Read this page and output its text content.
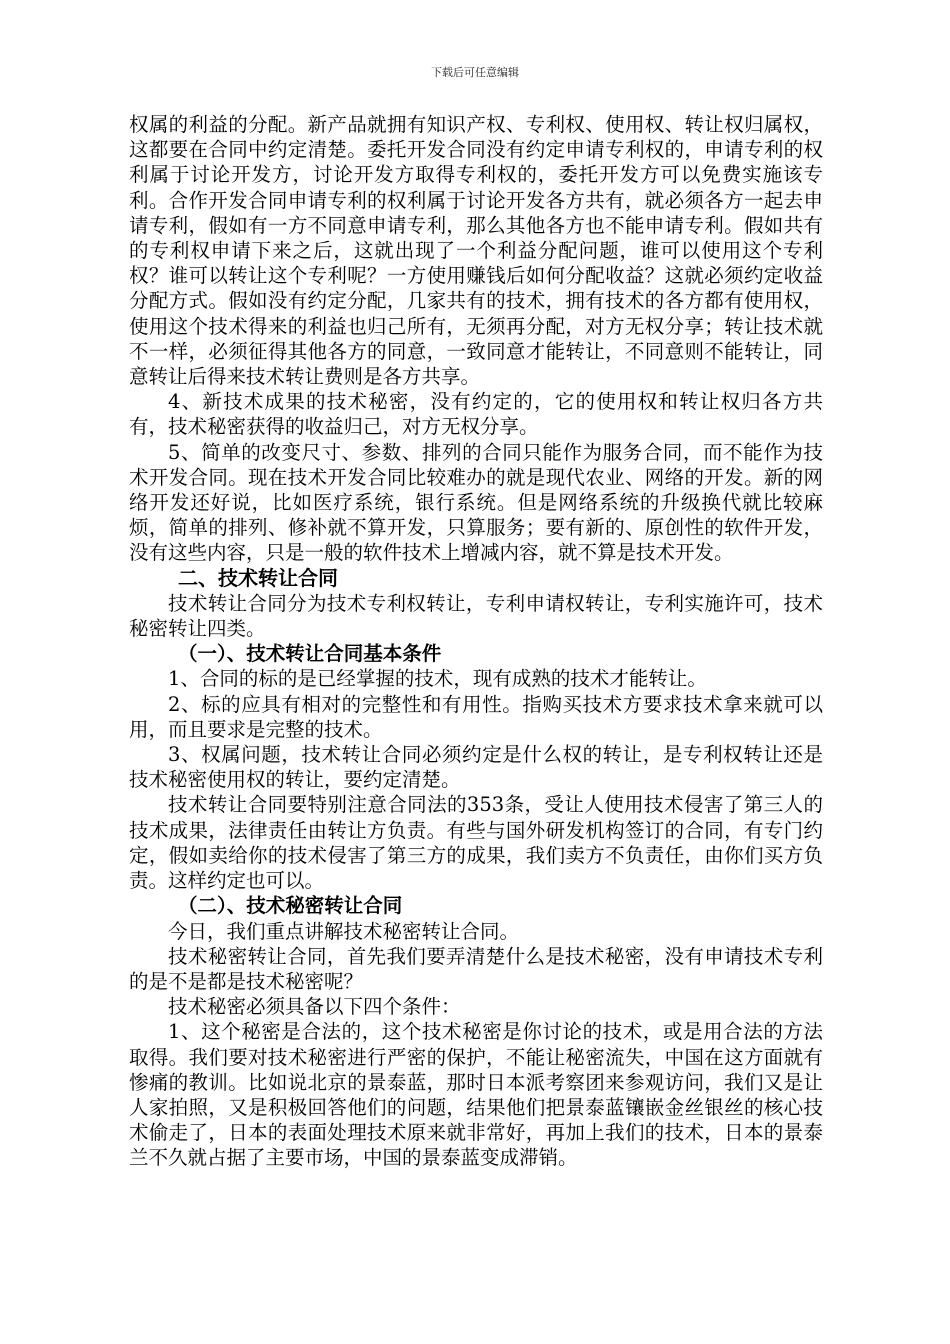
下载后可任意编辑

权属的利益的分配。新产品就拥有知识产权、专利权、使用权、转让权归属权，这都要在合同中约定清楚。委托开发合同没有约定申请专利权的，申请专利的权利属于讨论开发方，讨论开发方取得专利权的，委托开发方可以免费实施该专利。合作开发合同申请专利的权利属于讨论开发各方共有，就必须各方一起去申请专利，假如有一方不同意申请专利，那么其他各方也不能申请专利。假如共有的专利权申请下来之后，这就出现了一个利益分配问题，谁可以使用这个专利权？谁可以转让这个专利呢？一方使用赚钱后如何分配收益？这就必须约定收益分配方式。假如没有约定分配，几家共有的技术，拥有技术的各方都有使用权，使用这个技术得来的利益也归己所有，无须再分配，对方无权分享；转让技术就不一样，必须征得其他各方的同意，一致同意才能转让，不同意则不能转让，同意转让后得来技术转让费则是各方共享。

4、新技术成果的技术秘密，没有约定的，它的使用权和转让权归各方共有，技术秘密获得的收益归己，对方无权分享。

5、简单的改变尺寸、参数、排列的合同只能作为服务合同，而不能作为技术开发合同。现在技术开发合同比较难办的就是现代农业、网络的开发。新的网络开发还好说，比如医疗系统，银行系统。但是网络系统的升级换代就比较麻烦，简单的排列、修补就不算开发，只算服务；要有新的、原创性的软件开发，没有这些内容，只是一般的软件技术上增减内容，就不算是技术开发。

二、技术转让合同

技术转让合同分为技术专利权转让，专利申请权转让，专利实施许可，技术秘密转让四类。

（一）、技术转让合同基本条件

1、合同的标的是已经掌握的技术，现有成熟的技术才能转让。

2、标的应具有相对的完整性和有用性。指购买技术方要求技术拿来就可以用，而且要求是完整的技术。

3、权属问题，技术转让合同必须约定是什么权的转让，是专利权转让还是技术秘密使用权的转让，要约定清楚。

技术转让合同要特别注意合同法的353条，受让人使用技术侵害了第三人的技术成果，法律责任由转让方负责。有些与国外研发机构签订的合同，有专门约定，假如卖给你的技术侵害了第三方的成果，我们卖方不负责任，由你们买方负责。这样约定也可以。

（二）、技术秘密转让合同

今日，我们重点讲解技术秘密转让合同。

技术秘密转让合同，首先我们要弄清楚什么是技术秘密，没有申请技术专利的是不是都是技术秘密呢？

技术秘密必须具备以下四个条件：

1、这个秘密是合法的，这个技术秘密是你讨论的技术，或是用合法的方法取得。我们要对技术秘密进行严密的保护，不能让秘密流失，中国在这方面就有惨痛的教训。比如说北京的景泰蓝，那时日本派考察团来参观访问，我们又是让人家拍照，又是积极回答他们的问题，结果他们把景泰蓝镶嵌金丝银丝的核心技术偷走了，日本的表面处理技术原来就非常好，再加上我们的技术，日本的景泰兰不久就占据了主要市场，中国的景泰蓝变成滞销。
